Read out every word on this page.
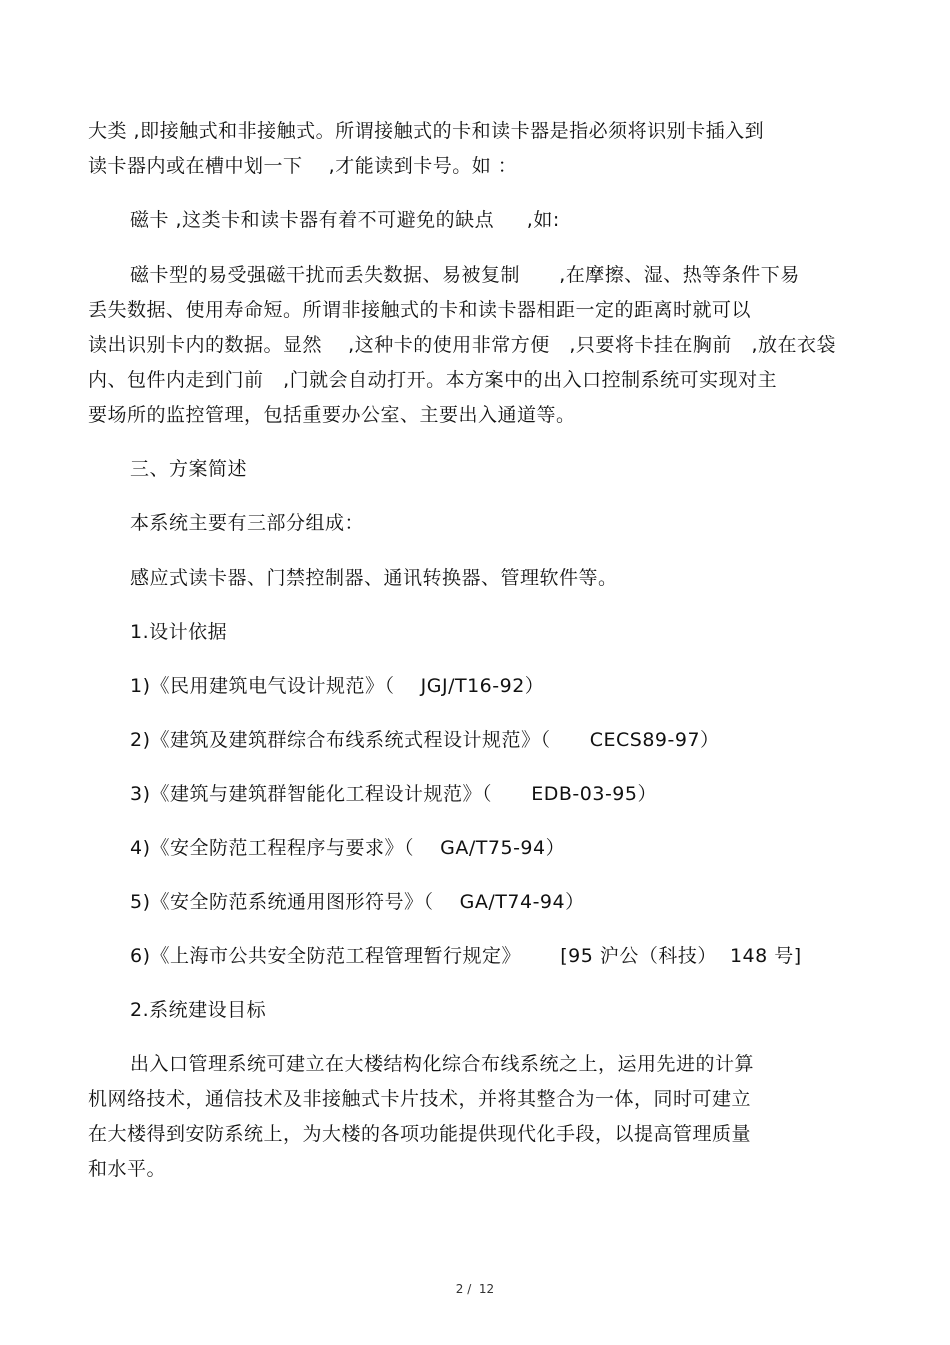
大类 ,即接触式和非接触式。所谓接触式的卡和读卡器是指必须将识别卡插入到
读卡器内或在槽中划一下    ,才能读到卡号。如 ：
磁卡 ,这类卡和读卡器有着不可避免的缺点     ,如:
磁卡型的易受强磁干扰而丢失数据、易被复制      ,在摩擦、湿、热等条件下易
丢失数据、使用寿命短。所谓非接触式的卡和读卡器相距一定的距离时就可以
读出识别卡内的数据。显然    ,这种卡的使用非常方便   ,只要将卡挂在胸前   ,放在衣袋
内、包件内走到门前   ,门就会自动打开。本方案中的出入口控制系统可实现对主
要场所的监控管理，包括重要办公室、主要出入通道等。
三、方案简述
本系统主要有三部分组成：
感应式读卡器、门禁控制器、通讯转换器、管理软件等。
1.设计依据
1)《民用建筑电气设计规范》（    JGJ/T16-92）
2)《建筑及建筑群综合布线系统式程设计规范》（      CECS89-97）
3)《建筑与建筑群智能化工程设计规范》（      EDB-03-95）
4)《安全防范工程程序与要求》（    GA/T75-94）
5)《安全防范系统通用图形符号》（    GA/T74-94）
6)《上海市公共安全防范工程管理暂行规定》      [95 沪公（科技）  148 号]
2.系统建设目标
出入口管理系统可建立在大楼结构化综合布线系统之上，运用先进的计算
机网络技术，通信技术及非接触式卡片技术，并将其整合为一体，同时可建立
在大楼得到安防系统上，为大楼的各项功能提供现代化手段，以提高管理质量
和水平。
2 /  12
